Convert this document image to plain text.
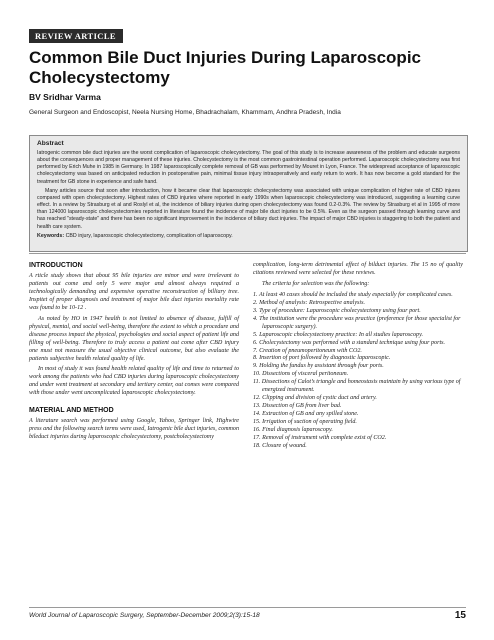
REVIEW ARTICLE
Common Bile Duct Injuries During Laparoscopic Cholecystectomy
BV Sridhar Varma
General Surgeon and Endoscopist, Neela Nursing Home, Bhadrachalam, Khammam, Andhra Pradesh, India
Abstract

Iatrogenic common bile duct injuries are the worst complication of laparoscopic cholecystectomy. The goal of this study is to increase awareness of the problem and educate surgeons about the consequences and proper management of these injuries. Cholecystectomy is the most common gastrointestinal operation performed. Laparoscopic cholecystectomy was first performed by Erich Muhe in 1985 in Germany. In 1987 laparoscopically complete removal of GB was performed by Mouret in Lyon, France. The widespread acceptance of laparoscopic cholecystectomy was based on anticipated reduction in postoperative pain, minimal tissue injury intraoperatively and early return to work. It has now become a gold standard for the treatment for GB stone in experience and safe hand.

Many articles source that soon after introduction, how it became clear that laparoscopic cholecystectomy was associated with unique complication of higher rate of CBD injures compared with open cholecystectomy. Highest rates of CBD injuries where reported in early 1990s when laparoscopic cholecystectomy was introduced, suggesting a learning curve effect. In a review by Strasburg et al and Roslyl et al, the incidence of biliary injuries during open cholecystectomy was found 0.2-0.3%. The review by Strasburg et al in 1995 of more than 124000 laparoscopic cholecystectomies reported in literature found the incidence of major bile duct injuries to be 0.5%. Even as the surgeon passed through learning curve and has reached "steady-state" and there has been no significant improvement in the incidence of biliary duct injuries. The impact of major CBD injuries is staggering to both the patient and health care system.

Keywords: CBD injury, laparoscopic cholecystectomy, complication of laparoscopy.
INTRODUCTION

A rticle study shows that about 95 bile injuries are minor and were irrelevant to patients out come and only 5 were major and almost always required a technologically demanding and expensive operative reconstruction of billiary tree. Inspitet of proper diagnosis and treatment of major bile duct injuries mortality rate was found to be 10-12 .

As noted by HO in 1947 health is not limited to absence of disease, fulfill of physical, mental, and social well-being, therefore the extent to which a procedure and disease process impact the physical, psychologies and social aspect of patient life and filling of well-being. Therefore to truly access a patient out come after CBD injury one must not measure the usual objective clinical outcome, but also evaluate the patients subjective health related quality of life.

In most of study it was found health related quality of life and time to returned to work among the patients who had CBD injuries during laparoscopic cholecystectomy and under went treatment at secondary and tertiary center, out comes were compared with those under went uncomplicated laparoscopic cholecystectomy.

MATERIAL AND METHOD

A literature search was performed using Google, Yahoo, Springer link, Highwire press and the following search terms were used, Iatrogenic bile duct injuries, common bileduct injuries during laparoscopic cholecystectomy, postcholecystectomy

complication, long-term detrimental effect of bilduct injuries. The 15 no of quality citations reviewed were selected for these reviews.

The criteria for selection was the following:

1. At least 40 cases should be included the study especially for complicated cases.
2. Method of analysis: Retrospective analysis.
3. Type of procedure: Laparoscopic cholecystectomy using four port.
4. The institution were the procedure was practice (preference for those specialist for laparoscopic surgery).
5. Laparoscopic cholecystectomy practice: In all studies laparoscopy.
6. Cholecystectomy was performed with a standard technique using four ports.
7. Creation of pneumoperitoneum with CO2.
8. Insertion of port followed by diagnostic laparoscopic.
9. Holding the fundus by assistant through four ports.
10. Dissections of visceral peritoneum.
11. Dissections of Calot’s triangle and homeostasis maintain by using various type of energized instrument.
12. Clipping and division of cystic duct and artery.
13. Dissection of GB from liver bad.
14. Extraction of GB and any spilled stone.
15. Irrigation of suction of operating field.
16. Final diagnosis laparoscopy.
17. Removal of instrument with complete exist of CO2.
18. Closure of wound.
World Journal of Laparoscopic Surgery, September-December 2009;2(3):15-18	15
